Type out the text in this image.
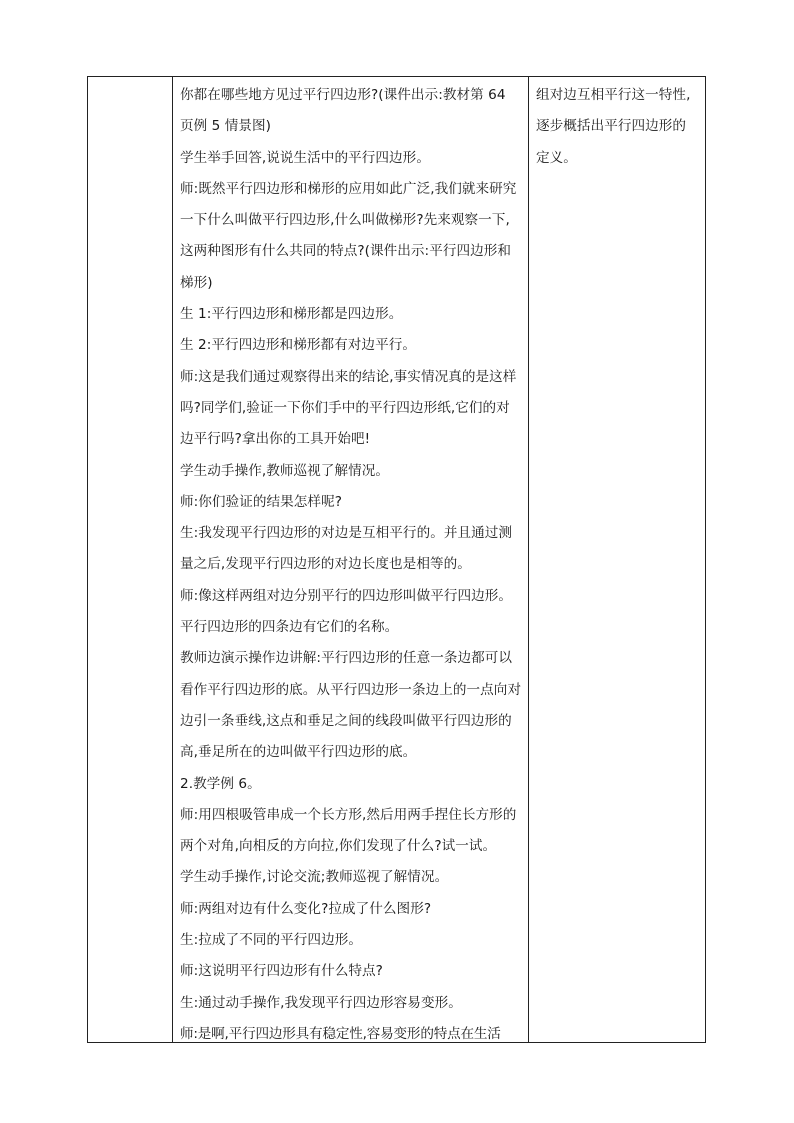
你都在哪些地方见过平行四边形?(课件出示:教材第 64 页例 5 情景图)

学生举手回答,说说生活中的平行四边形。

师:既然平行四边形和梯形的应用如此广泛,我们就来研究一下什么叫做平行四边形,什么叫做梯形?先来观察一下,这两种图形有什么共同的特点?(课件出示:平行四边形和梯形)

生 1:平行四边形和梯形都是四边形。

生 2:平行四边形和梯形都有对边平行。

师:这是我们通过观察得出来的结论,事实情况真的是这样吗?同学们,验证一下你们手中的平行四边形纸,它们的对边平行吗?拿出你的工具开始吧!

学生动手操作,教师巡视了解情况。

师:你们验证的结果怎样呢?

生:我发现平行四边形的对边是互相平行的。并且通过测量之后,发现平行四边形的对边长度也是相等的。

师:像这样两组对边分别平行的四边形叫做平行四边形。平行四边形的四条边有它们的名称。

教师边演示操作边讲解:平行四边形的任意一条边都可以看作平行四边形的底。从平行四边形一条边上的一点向对边引一条垂线,这点和垂足之间的线段叫做平行四边形的高,垂足所在的边叫做平行四边形的底。

2.教学例 6。

师:用四根吸管串成一个长方形,然后用两手捏住长方形的两个对角,向相反的方向拉,你们发现了什么?试一试。

学生动手操作,讨论交流;教师巡视了解情况。

师:两组对边有什么变化?拉成了什么图形?

生:拉成了不同的平行四边形。

师:这说明平行四边形有什么特点?

生:通过动手操作,我发现平行四边形容易变形。

师:是啊,平行四边形具有稳定性,容易变形的特点在生活

组对边互相平行这一特性,逐步概括出平行四边形的定义。
